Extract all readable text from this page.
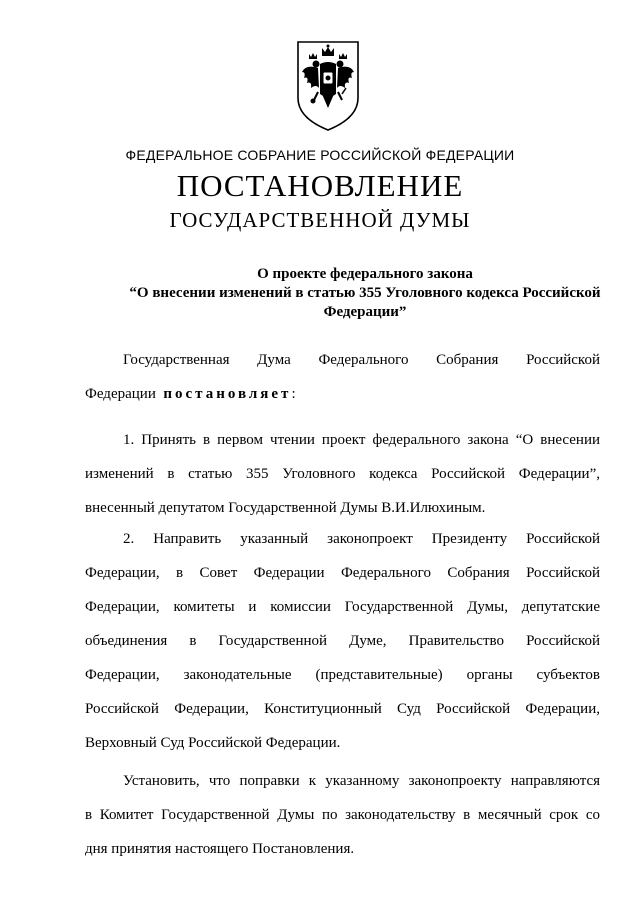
ФЕДЕРАЛЬНОЕ СОБРАНИЕ РОССИЙСКОЙ ФЕДЕРАЦИИ
ПОСТАНОВЛЕНИЕ
ГОСУДАРСТВЕННОЙ ДУМЫ
О проекте федерального закона
“О внесении изменений в статью 355 Уголовного кодекса Российской
Федерации”
Государственная Дума Федерального Собрания Российской
Федерации постановляет:
1. Принять в первом чтении проект федерального закона “О внесении
изменений в статью 355 Уголовного кодекса Российской Федерации”,
внесенный депутатом Государственной Думы В.И.Илюхиным.
2. Направить указанный законопроект Президенту Российской
Федерации, в Совет Федерации Федерального Собрания Российской
Федерации, комитеты и комиссии Государственной Думы, депутатские
объединения в Государственной Думе, Правительство Российской
Федерации, законодательные (представительные) органы субъектов
Российской Федерации, Конституционный Суд Российской Федерации,
Верховный Суд Российской Федерации.
Установить, что поправки к указанному законопроекту направляются
в Комитет Государственной Думы по законодательству в месячный срок со
дня принятия настоящего Постановления.
